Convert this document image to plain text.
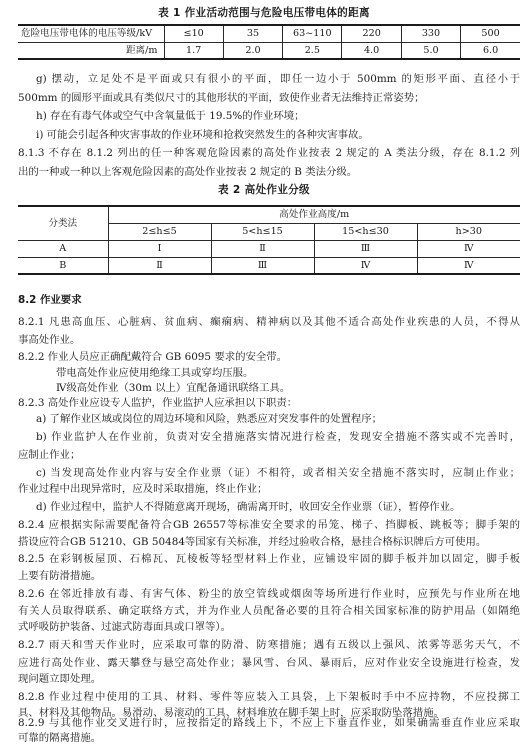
表 1 作业活动范围与危险电压带电体的距离
危险电压带电体的电压等级/kV	≤10	35	63~110	220	330	500
距离/m	1.7	2.0	2.5	4.0	5.0	6.0
g) 摆动，立足处不是平面或只有很小的平面，即任一边小于 500mm 的矩形平面、直径小于
500mm 的圆形平面或具有类似尺寸的其他形状的平面，致使作业者无法维持正常姿势；
h) 存在有毒气体或空气中含氧量低于 19.5%的作业环境；
i) 可能会引起各种灾害事故的作业环境和抢救突然发生的各种灾害事故。
8.1.3 不存在 8.1.2 列出的任一种客观危险因素的高处作业按表 2 规定的 A 类法分级，存在 8.1.2 列
出的一种或一种以上客观危险因素的高处作业按表 2 规定的 B 类法分级。
表 2 高处作业分级
分类法	高处作业高度/m			
	2≤h≤5	5<h≤15	15<h≤30	h>30
A	Ⅰ	Ⅱ	Ⅲ	Ⅳ
B	Ⅱ	Ⅲ	Ⅳ	Ⅳ
8.2 作业要求
8.2.1 凡患高血压、心脏病、贫血病、癫痫病、精神病以及其他不适合高处作业疾患的人员，不得从
事高处作业。
8.2.2 作业人员应正确配戴符合 GB 6095 要求的安全带。
带电高处作业应使用绝缘工具或穿均压服。
Ⅳ级高处作业（30m 以上）宜配备通讯联络工具。
8.2.3 高处作业应设专人监护，作业监护人应承担以下职责：
a) 了解作业区域或岗位的周边环境和风险，熟悉应对突发事件的处置程序；
b) 作业监护人在作业前，负责对安全措施落实情况进行检查，发现安全措施不落实或不完善时，
应制止作业；
c) 当发现高处作业内容与安全作业票（证）不相符，或者相关安全措施不落实时，应制止作业；
作业过程中出现异常时，应及时采取措施，终止作业；
d) 作业过程中，监护人不得随意离开现场，确需离开时，收回安全作业票（证），暂停作业。
8.2.4 应根据实际需要配备符合GB 26557等标准安全要求的吊笼、梯子、挡脚板、跳板等；脚手架的
搭设应符合GB 51210、GB 50484等国家有关标准，并经过验收合格，悬挂合格标识牌后方可使用。
8.2.5 在彩钢板屋顶、石棉瓦、瓦棱板等轻型材料上作业，应铺设牢固的脚手板并加以固定，脚手板
上要有防滑措施。
8.2.6 在邻近排放有毒、有害气体、粉尘的放空管线或烟囱等场所进行作业时，应预先与作业所在地
有关人员取得联系、确定联络方式，并为作业人员配备必要的且符合相关国家标准的防护用品（如隔绝
式呼吸防护装备、过滤式防毒面具或口罩等）。
8.2.7 雨天和雪天作业时，应采取可靠的防滑、防寒措施；遇有五级以上强风、浓雾等恶劣天气，不
应进行高处作业、露天攀登与悬空高处作业；暴风雪、台风、暴雨后，应对作业安全设施进行检查，发
现问题立即处理。
8.2.8 作业过程中使用的工具、材料、零件等应装入工具袋，上下架板时手中不应持物，不应投掷工
具、材料及其他物品。易滑动、易滚动的工具、材料堆放在脚手架上时，应采取防坠落措施。
8.2.9 与其他作业交叉进行时，应按指定的路线上下，不应上下垂直作业，如果确需垂直作业应采取
可靠的隔离措施。
